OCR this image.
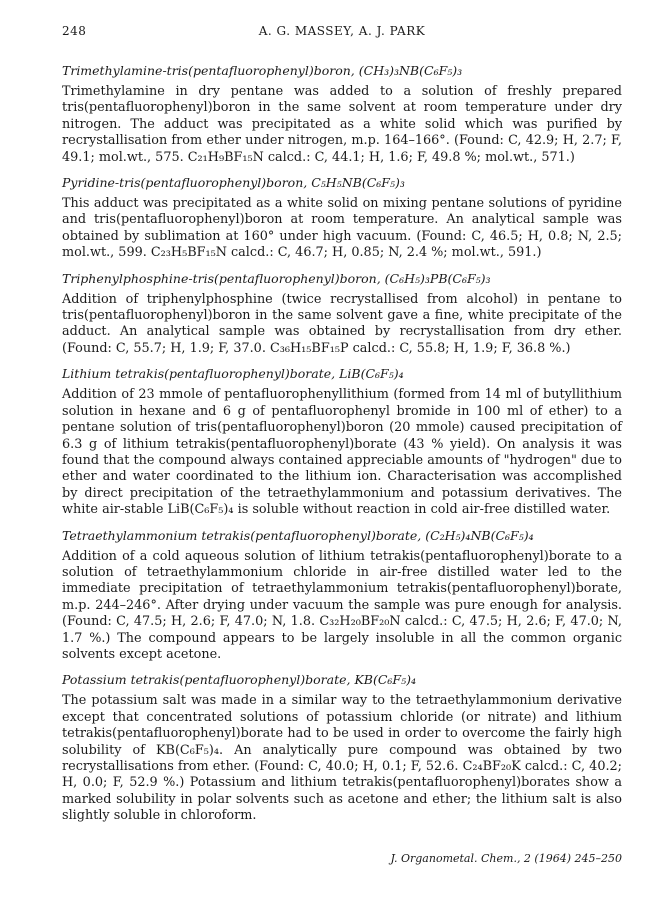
248	A. G. MASSEY, A. J. PARK

Trimethylamine-tris(pentafluorophenyl)boron, (CH₃)₃NB(C₆F₅)₃

Trimethylamine in dry pentane was added to a solution of freshly prepared tris(pentafluorophenyl)boron in the same solvent at room temperature under dry nitrogen. The adduct was precipitated as a white solid which was purified by recrystallisation from ether under nitrogen, m.p. 164–166°. (Found: C, 42.9; H, 2.7; F, 49.1; mol.wt., 575. C₂₁H₉BF₁₅N calcd.: C, 44.1; H, 1.6; F, 49.8 %; mol.wt., 571.)

Pyridine-tris(pentafluorophenyl)boron, C₅H₅NB(C₆F₅)₃

This adduct was precipitated as a white solid on mixing pentane solutions of pyridine and tris(pentafluorophenyl)boron at room temperature. An analytical sample was obtained by sublimation at 160° under high vacuum. (Found: C, 46.5; H, 0.8; N, 2.5; mol.wt., 599. C₂₃H₅BF₁₅N calcd.: C, 46.7; H, 0.85; N, 2.4 %; mol.wt., 591.)

Triphenylphosphine-tris(pentafluorophenyl)boron, (C₆H₅)₃PB(C₆F₅)₃

Addition of triphenylphosphine (twice recrystallised from alcohol) in pentane to tris(pentafluorophenyl)boron in the same solvent gave a fine, white precipitate of the adduct. An analytical sample was obtained by recrystallisation from dry ether. (Found: C, 55.7; H, 1.9; F, 37.0. C₃₆H₁₅BF₁₅P calcd.: C, 55.8; H, 1.9; F, 36.8 %.)

Lithium tetrakis(pentafluorophenyl)borate, LiB(C₆F₅)₄

Addition of 23 mmole of pentafluorophenyllithium (formed from 14 ml of butyllithium solution in hexane and 6 g of pentafluorophenyl bromide in 100 ml of ether) to a pentane solution of tris(pentafluorophenyl)boron (20 mmole) caused precipitation of 6.3 g of lithium tetrakis(pentafluorophenyl)borate (43 % yield). On analysis it was found that the compound always contained appreciable amounts of "hydrogen" due to ether and water coordinated to the lithium ion. Characterisation was accomplished by direct precipitation of the tetraethylammonium and potassium derivatives. The white air-stable LiB(C₆F₅)₄ is soluble without reaction in cold air-free distilled water.

Tetraethylammonium tetrakis(pentafluorophenyl)borate, (C₂H₅)₄NB(C₆F₅)₄

Addition of a cold aqueous solution of lithium tetrakis(pentafluorophenyl)borate to a solution of tetraethylammonium chloride in air-free distilled water led to the immediate precipitation of tetraethylammonium tetrakis(pentafluorophenyl)borate, m.p. 244–246°. After drying under vacuum the sample was pure enough for analysis. (Found: C, 47.5; H, 2.6; F, 47.0; N, 1.8. C₃₂H₂₀BF₂₀N calcd.: C, 47.5; H, 2.6; F, 47.0; N, 1.7 %.) The compound appears to be largely insoluble in all the common organic solvents except acetone.

Potassium tetrakis(pentafluorophenyl)borate, KB(C₆F₅)₄

The potassium salt was made in a similar way to the tetraethylammonium derivative except that concentrated solutions of potassium chloride (or nitrate) and lithium tetrakis(pentafluorophenyl)borate had to be used in order to overcome the fairly high solubility of KB(C₆F₅)₄. An analytically pure compound was obtained by two recrystallisations from ether. (Found: C, 40.0; H, 0.1; F, 52.6. C₂₄BF₂₀K calcd.: C, 40.2; H, 0.0; F, 52.9 %.) Potassium and lithium tetrakis(pentafluorophenyl)borates show a marked solubility in polar solvents such as acetone and ether; the lithium salt is also slightly soluble in chloroform.

J. Organometal. Chem., 2 (1964) 245–250
